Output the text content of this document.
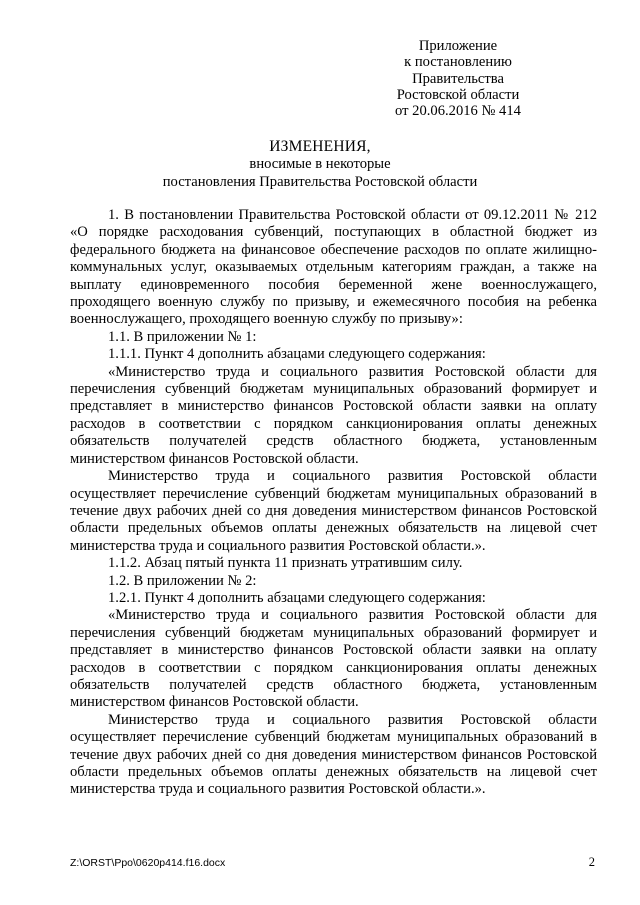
Приложение
к постановлению
Правительства
Ростовской области
от 20.06.2016 № 414
ИЗМЕНЕНИЯ,
вносимые в некоторые
постановления Правительства Ростовской области

1. В постановлении Правительства Ростовской области от 09.12.2011 № 212 «О порядке расходования субвенций, поступающих в областной бюджет из федерального бюджета на финансовое обеспечение расходов по оплате жилищно-коммунальных услуг, оказываемых отдельным категориям граждан, а также на выплату единовременного пособия беременной жене военнослужащего, проходящего военную службу по призыву, и ежемесячного пособия на ребенка военнослужащего, проходящего военную службу по призыву»:

1.1. В приложении № 1:

1.1.1. Пункт 4 дополнить абзацами следующего содержания:

«Министерство труда и социального развития Ростовской области для перечисления субвенций бюджетам муниципальных образований формирует и представляет в министерство финансов Ростовской области заявки на оплату расходов в соответствии с порядком санкционирования оплаты денежных обязательств получателей средств областного бюджета, установленным министерством финансов Ростовской области.

Министерство труда и социального развития Ростовской области осуществляет перечисление субвенций бюджетам муниципальных образований в течение двух рабочих дней со дня доведения министерством финансов Ростовской области предельных объемов оплаты денежных обязательств на лицевой счет министерства труда и социального развития Ростовской области.».

1.1.2. Абзац пятый пункта 11 признать утратившим силу.

1.2. В приложении № 2:

1.2.1. Пункт 4 дополнить абзацами следующего содержания:

«Министерство труда и социального развития Ростовской области для перечисления субвенций бюджетам муниципальных образований формирует и представляет в министерство финансов Ростовской области заявки на оплату расходов в соответствии с порядком санкционирования оплаты денежных обязательств получателей средств областного бюджета, установленным министерством финансов Ростовской области.

Министерство труда и социального развития Ростовской области осуществляет перечисление субвенций бюджетам муниципальных образований в течение двух рабочих дней со дня доведения министерством финансов Ростовской области предельных объемов оплаты денежных обязательств на лицевой счет министерства труда и социального развития Ростовской области.».

Z:\ORST\Ppo\0620p414.f16.docx	2
